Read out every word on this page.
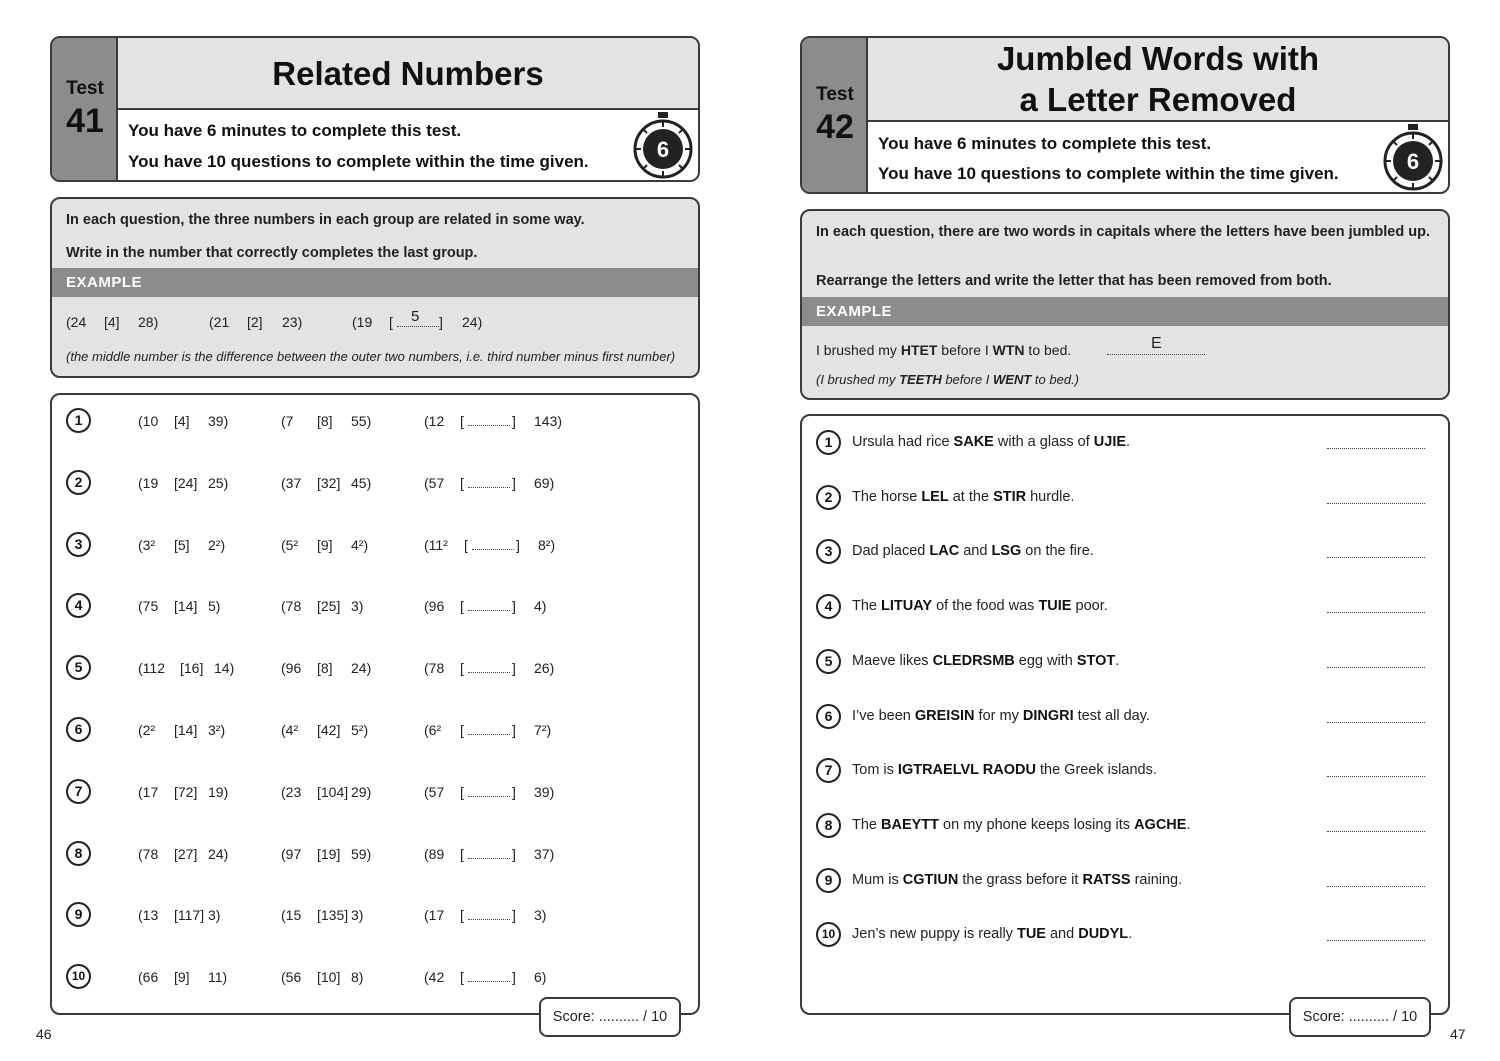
Test
41
Related Numbers
You have 6 minutes to complete this test.
You have 10 questions to complete within the time given.	6
In each question, the three numbers in each group are related in some way.
Write in the number that correctly completes the last group.
EXAMPLE
(24 [4] 28)	(21 [2] 23)	(19 [ 5 ] 24)
(the middle number is the difference between the outer two numbers, i.e. third number minus first number)
1	(10 [4] 39)	(7 [8] 55)	(12 [	] 143)
2	(19 [24] 25)	(37 [32] 45)	(57 [	] 69)
3	(3² [5] 2²)	(5² [9] 4²)	(11² [	] 8²)
4	(75 [14] 5)	(78 [25] 3)	(96 [	] 4)
5	(112 [16] 14)	(96 [8] 24)	(78 [	] 26)
6	(2² [14] 3²)	(4² [42] 5²)	(6² [	] 7²)
7	(17 [72] 19)	(23 [104] 29)	(57 [	] 39)
8	(78 [27] 24)	(97 [19] 59)	(89 [	] 37)
9	(13 [117] 3)	(15 [135] 3)	(17 [	] 3)
10	(66 [9] 11)	(56 [10] 8)	(42 [	] 6)
Score: .......... / 10
46
Test
42
Jumbled Words with
a Letter Removed
You have 6 minutes to complete this test.
You have 10 questions to complete within the time given.	6
In each question, there are two words in capitals where the letters have been jumbled up.
Rearrange the letters and write the letter that has been removed from both.
EXAMPLE
I brushed my HTET before I WTN to bed.	E
(I brushed my TEETH before I WENT to bed.)
1	Ursula had rice SAKE with a glass of UJIE.
2	The horse LEL at the STIR hurdle.
3	Dad placed LAC and LSG on the fire.
4	The LITUAY of the food was TUIE poor.
5	Maeve likes CLEDRSMB egg with STOT.
6	I’ve been GREISIN for my DINGRI test all day.
7	Tom is IGTRAELVL RAODU the Greek islands.
8	The BAEYTT on my phone keeps losing its AGCHE.
9	Mum is CGTIUN the grass before it RATSS raining.
10	Jen’s new puppy is really TUE and DUDYL.
Score: .......... / 10
47
